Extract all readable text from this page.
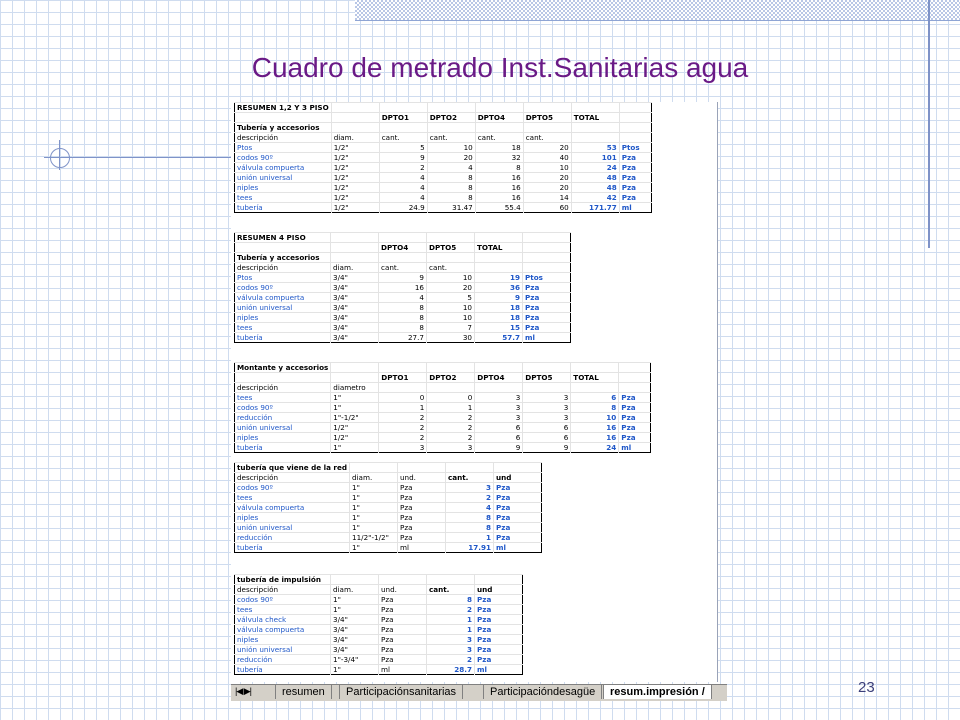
Cuadro de metrado Inst.Sanitarias agua
RESUMEN 1,2 Y 3 PISO							
		DPTO1	DPTO2	DPTO4	DPTO5	TOTAL	
Tubería y accesorios							
descripción	diam.	cant.	cant.	cant.	cant.		
Ptos	1/2"	5	10	18	20	53	Ptos
codos 90º	1/2"	9	20	32	40	101	Pza
válvula compuerta	1/2"	2	4	8	10	24	Pza
unión universal	1/2"	4	8	16	20	48	Pza
niples	1/2"	4	8	16	20	48	Pza
tees	1/2"	4	8	16	14	42	Pza
tubería	1/2"	24.9	31.47	55.4	60	171.77	ml
RESUMEN 4 PISO					
		DPTO4	DPTO5	TOTAL	
Tubería y accesorios					
descripción	diam.	cant.	cant.		
Ptos	3/4"	9	10	19	Ptos
codos 90º	3/4"	16	20	36	Pza
válvula compuerta	3/4"	4	5	9	Pza
unión universal	3/4"	8	10	18	Pza
niples	3/4"	8	10	18	Pza
tees	3/4"	8	7	15	Pza
tubería	3/4"	27.7	30	57.7	ml
Montante y accesorios							
		DPTO1	DPTO2	DPTO4	DPTO5	TOTAL	
descripción	diametro						
tees	1"	0	0	3	3	6	Pza
codos 90º	1"	1	1	3	3	8	Pza
reducción	1"-1/2"	2	2	3	3	10	Pza
unión universal	1/2"	2	2	6	6	16	Pza
niples	1/2"	2	2	6	6	16	Pza
tubería	1"	3	3	9	9	24	ml
tubería que viene de la red				
descripción	diam.	und.	cant.	und
codos 90º	1"	Pza	3	Pza
tees	1"	Pza	2	Pza
válvula compuerta	1"	Pza	4	Pza
niples	1"	Pza	8	Pza
unión universal	1"	Pza	8	Pza
reducción	11/2"-1/2"	Pza	1	Pza
tubería	1"	ml	17.91	ml
tubería de impulsión				
descripción	diam.	und.	cant.	und
codos 90º	1"	Pza	8	Pza
tees	1"	Pza	2	Pza
válvula check	3/4"	Pza	1	Pza
válvula compuerta	3/4"	Pza	1	Pza
niples	3/4"	Pza	3	Pza
unión universal	3/4"	Pza	3	Pza
reducción	1"-3/4"	Pza	2	Pza
tubería	1"	ml	28.7	ml
|◀ ▶|	resumen	Participaciónsanitarias	Participacióndesagüe	resum.impresión /	23
